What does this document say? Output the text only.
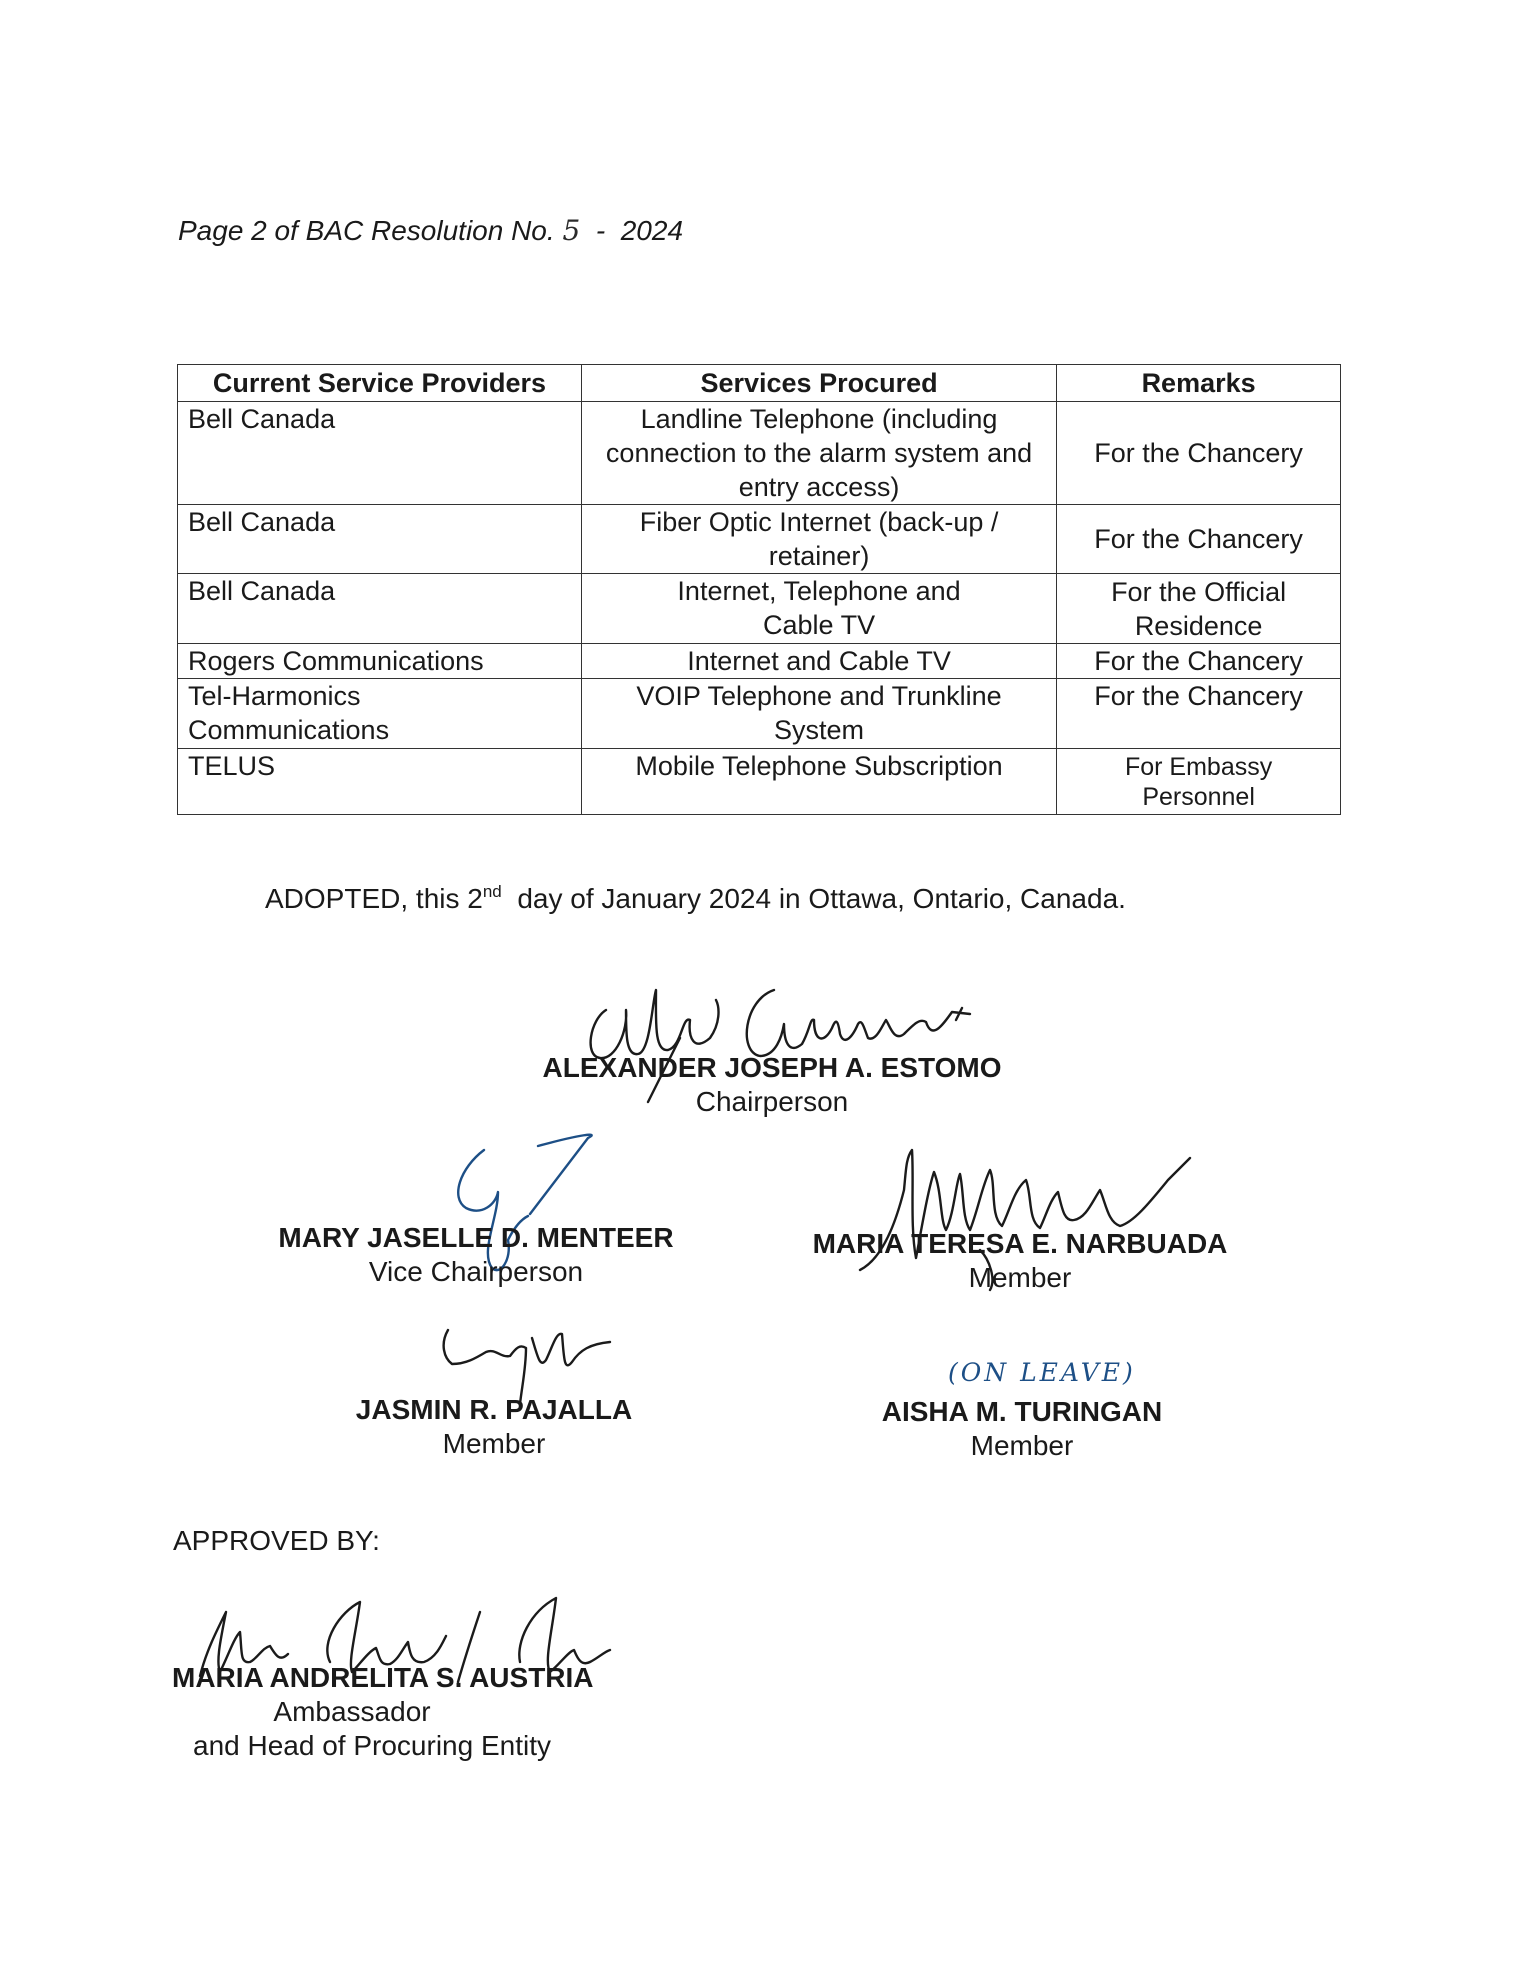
Page 2 of BAC Resolution No. 5 - 2024
Current Service Providers	Services Procured	Remarks
Bell Canada	Landline Telephone (including connection to the alarm system and entry access)	For the Chancery
Bell Canada	Fiber Optic Internet (back-up / retainer)	For the Chancery
Bell Canada	Internet, Telephone and Cable TV	For the Official Residence
Rogers Communications	Internet and Cable TV	For the Chancery
Tel-Harmonics Communications	VOIP Telephone and Trunkline System	For the Chancery
TELUS	Mobile Telephone Subscription	For Embassy Personnel
ADOPTED, this 2nd  day of January 2024 in Ottawa, Ontario, Canada.
ALEXANDER JOSEPH A. ESTOMO
Chairperson
MARY JASELLE D. MENTEER
Vice Chairperson
MARIA TERESA E. NARBUADA
Member
JASMIN R. PAJALLA
Member
(ON LEAVE)
AISHA M. TURINGAN
Member
APPROVED BY:
MARIA ANDRELITA S. AUSTRIA
Ambassador
and Head of Procuring Entity
